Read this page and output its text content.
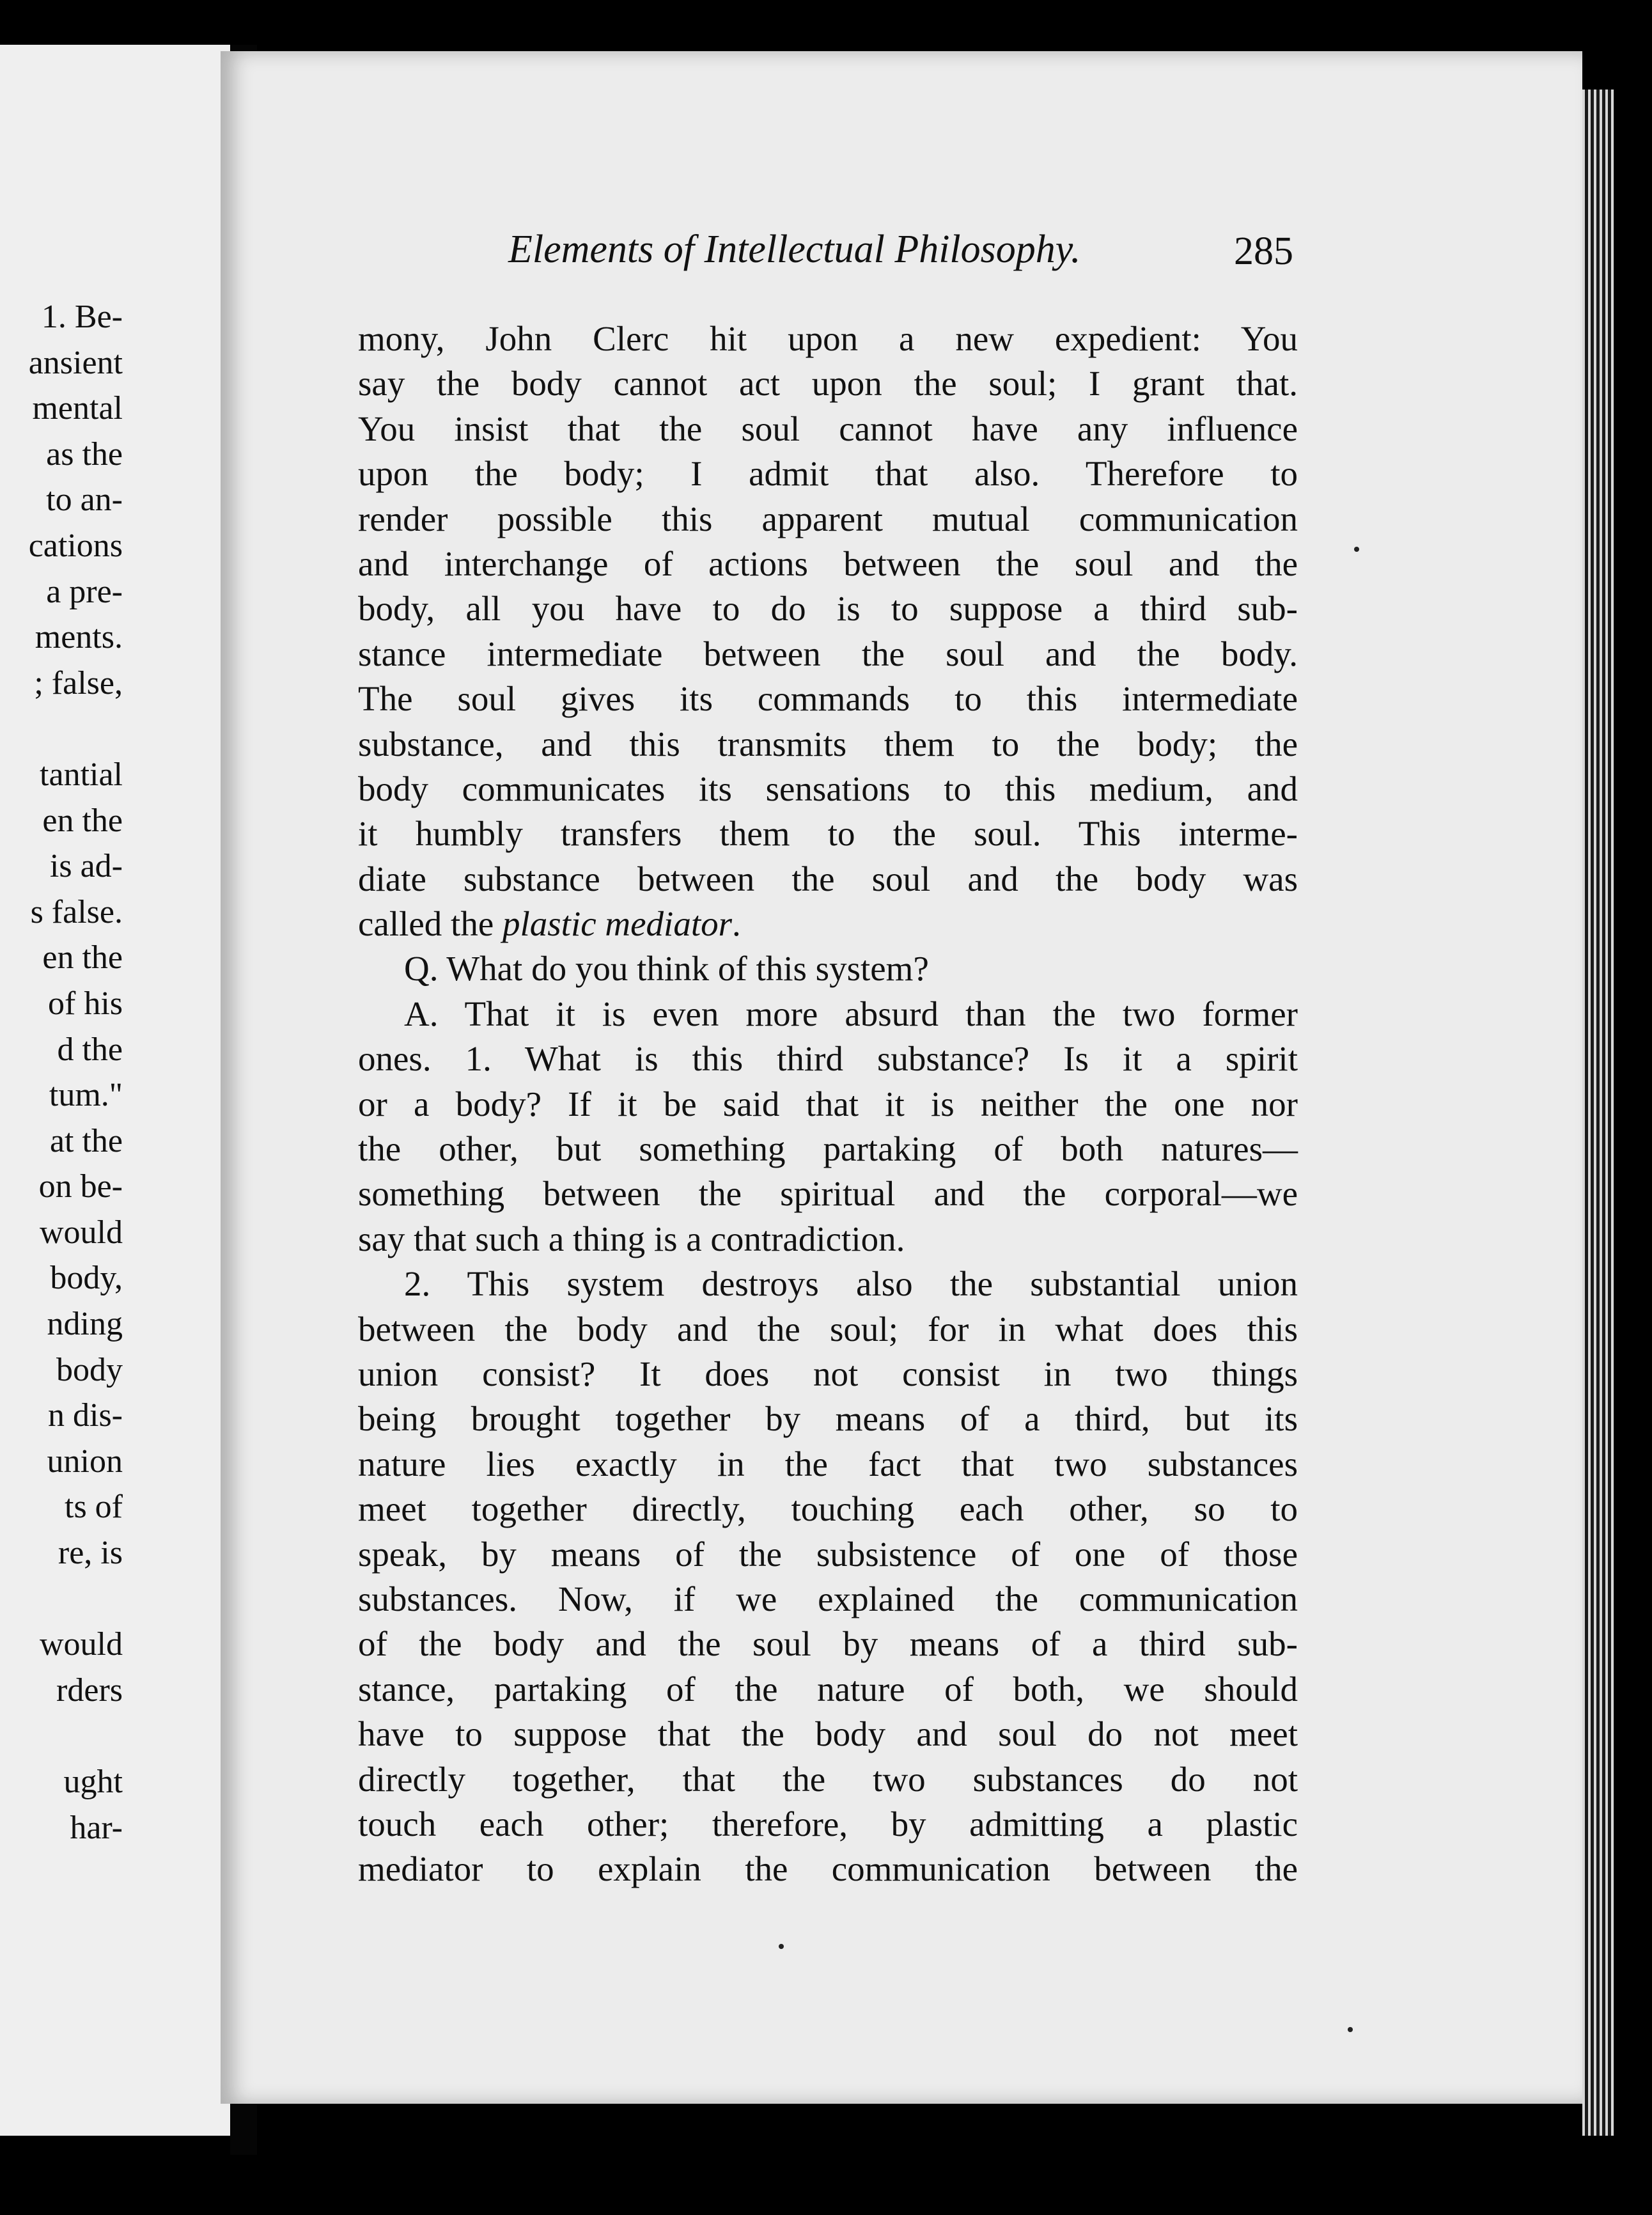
1. Be-
ansient
mental
as the
to an-
cations
a pre-
ments.
; false,
tantial
en the
is ad-
s false.
en the
of his
d the
tum."
at the
on be-
would
body,
nding
body
n dis-
union
ts of
re, is
would
rders
ught
har-
Elements of Intellectual Philosophy.	285
mony, John Clerc hit upon a new expedient: You
say the body cannot act upon the soul; I grant that.
You insist that the soul cannot have any influence
upon the body; I admit that also. Therefore to
render possible this apparent mutual communication
and interchange of actions between the soul and the
body, all you have to do is to suppose a third sub-
stance intermediate between the soul and the body.
The soul gives its commands to this intermediate
substance, and this transmits them to the body; the
body communicates its sensations to this medium, and
it humbly transfers them to the soul. This interme-
diate substance between the soul and the body was
called the plastic mediator.
Q. What do you think of this system?
A. That it is even more absurd than the two former
ones. 1. What is this third substance? Is it a spirit
or a body? If it be said that it is neither the one nor
the other, but something partaking of both natures—
something between the spiritual and the corporal—we
say that such a thing is a contradiction.
2. This system destroys also the substantial union
between the body and the soul; for in what does this
union consist? It does not consist in two things
being brought together by means of a third, but its
nature lies exactly in the fact that two substances
meet together directly, touching each other, so to
speak, by means of the subsistence of one of those
substances. Now, if we explained the communication
of the body and the soul by means of a third sub-
stance, partaking of the nature of both, we should
have to suppose that the body and soul do not meet
directly together, that the two substances do not
touch each other; therefore, by admitting a plastic
mediator to explain the communication between the
